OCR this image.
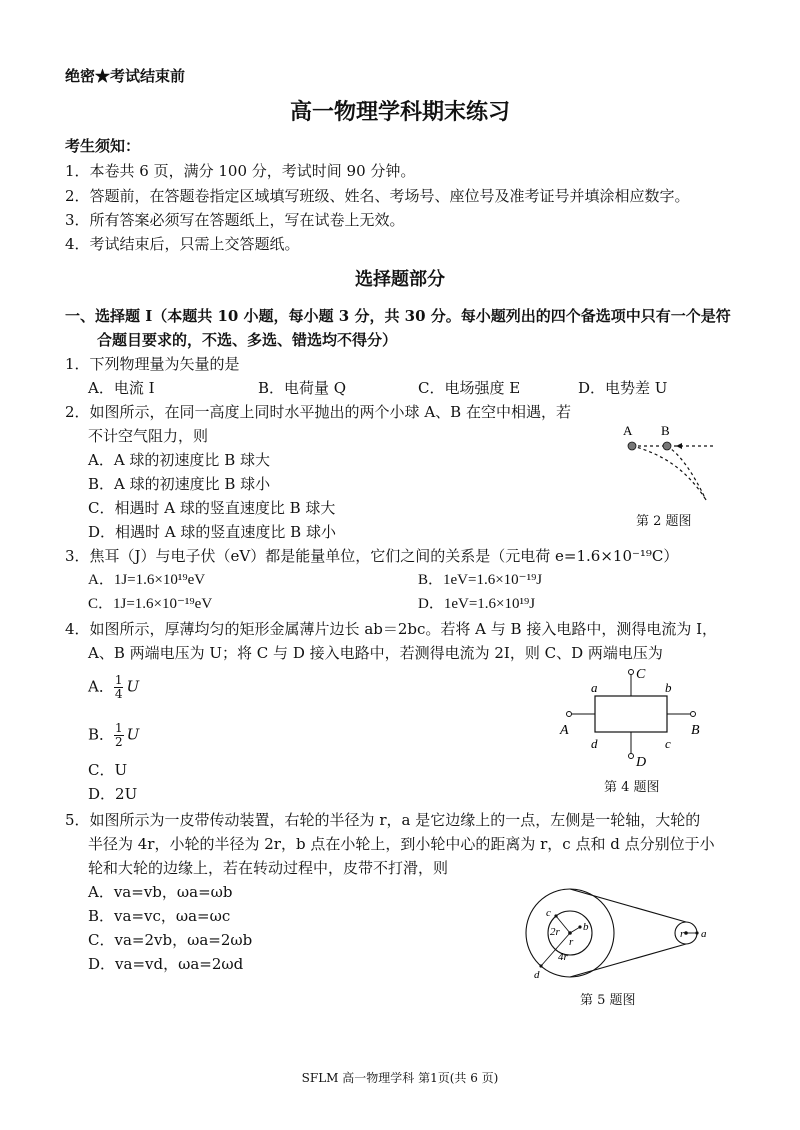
绝密★考试结束前
高一物理学科期末练习
考生须知：
1．本卷共 6 页，满分 100 分，考试时间 90 分钟。
2．答题前，在答题卷指定区域填写班级、姓名、考场号、座位号及准考证号并填涂相应数字。
3．所有答案必须写在答题纸上，写在试卷上无效。
4．考试结束后，只需上交答题纸。
选择题部分
一、选择题 I（本题共 10 小题，每小题 3 分，共 30 分。每小题列出的四个备选项中只有一个是符
合题目要求的，不选、多选、错选均不得分）
1．下列物理量为矢量的是
A．电流 I	B．电荷量 Q	C．电场强度 E	D．电势差 U
2．如图所示，在同一高度上同时水平抛出的两个小球 A、B 在空中相遇，若
不计空气阻力，则
A．A 球的初速度比 B 球大
B．A 球的初速度比 B 球小
C．相遇时 A 球的竖直速度比 B 球大
D．相遇时 A 球的竖直速度比 B 球小
A B
第 2 题图
3．焦耳（J）与电子伏（eV）都是能量单位，它们之间的关系是（元电荷 e=1.6×10⁻¹⁹C）
A．1J=1.6×10¹⁹eV	B．1eV=1.6×10⁻¹⁹J
C．1J=1.6×10⁻¹⁹eV	D．1eV=1.6×10¹⁹J
4．如图所示，厚薄均匀的矩形金属薄片边长 ab＝2bc。若将 A 与 B 接入电路中，测得电流为 I，
A、B 两端电压为 U；将 C 与 D 接入电路中，若测得电流为 2I，则 C、D 两端电压为
A． $\frac{1}{4}$ U
B． $\frac{1}{2}$ U
C．U
D．2U
C
D
A	B
a	b
c
d
第 4 题图
5．如图所示为一皮带传动装置，右轮的半径为 r，a 是它边缘上的一点，左侧是一轮轴，大轮的
半径为 4r，小轮的半径为 2r，b 点在小轮上，到小轮中心的距离为 r，c 点和 d 点分别位于小
轮和大轮的边缘上，若在转动过程中，皮带不打滑，则
A．va=vb，ωa=ωb
B．va=vc，ωa=ωc
C．va=2vb，ωa=2ωb
D．va=vd，ωa=2ωd
c
2r b
r
4r
d
r a
第 5 题图
SFLM 高一物理学科 第1页(共 6 页)
